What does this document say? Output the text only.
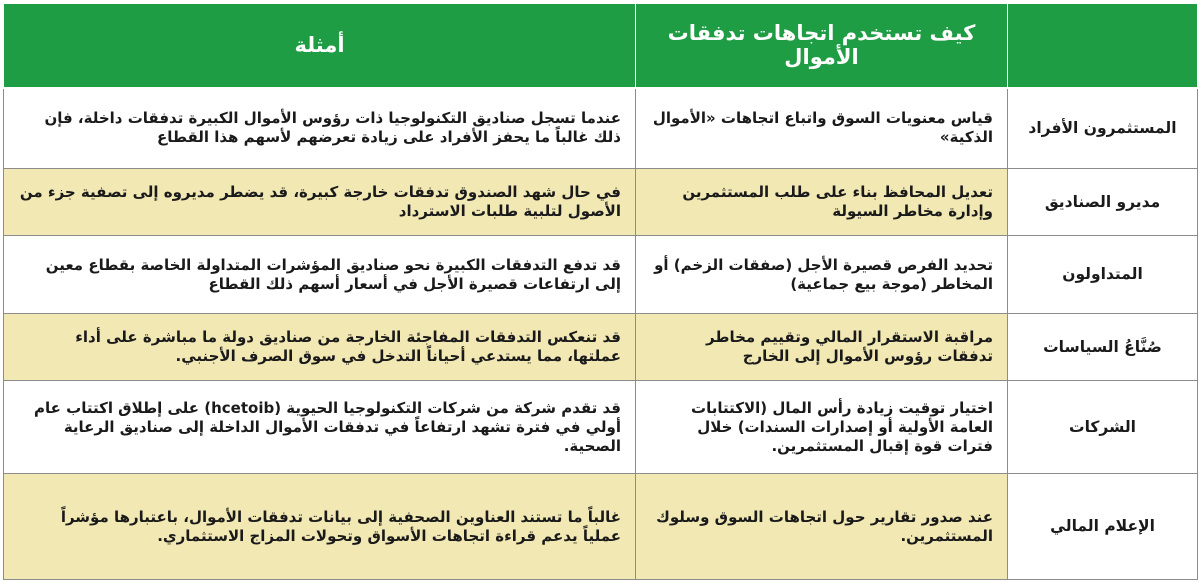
	كيف تستخدم اتجاهات تدفقات الأموال	أمثلة
المستثمرون الأفراد	قياس معنويات السوق واتباع اتجاهات «الأموال الذكية»	عندما تسجل صناديق التكنولوجيا ذات رؤوس الأموال الكبيرة تدفقات داخلة، فإن ذلك غالباً ما يحفز الأفراد على زيادة تعرضهم لأسهم هذا القطاع
مديرو الصناديق	تعديل المحافظ بناء على طلب المستثمرين وإدارة مخاطر السيولة	في حال شهد الصندوق تدفقات خارجة كبيرة، قد يضطر مديروه إلى تصفية جزء من الأصول لتلبية طلبات الاسترداد
المتداولون	تحديد الفرص قصيرة الأجل (صفقات الزخم) أو المخاطر (موجة بيع جماعية)	قد تدفع التدفقات الكبيرة نحو صناديق المؤشرات المتداولة الخاصة بقطاع معين إلى ارتفاعات قصيرة الأجل في أسعار أسهم ذلك القطاع
صُنَّاعُ السياسات	مراقبة الاستقرار المالي وتقييم مخاطر تدفقات رؤوس الأموال إلى الخارج	قد تنعكس التدفقات المفاجئة الخارجة من صناديق دولة ما مباشرة على أداء عملتها، مما يستدعي أحياناً التدخل في سوق الصرف الأجنبي.
الشركات	اختيار توقيت زيادة رأس المال (الاكتتابات العامة الأولية أو إصدارات السندات) خلال فترات قوة إقبال المستثمرين.	قد تقدم شركة من شركات التكنولوجيا الحيوية (hcetoib) على إطلاق اكتتاب عام أولي في فترة تشهد ارتفاعاً في تدفقات الأموال الداخلة إلى صناديق الرعاية الصحية.
الإعلام المالي	عند صدور تقارير حول اتجاهات السوق وسلوك المستثمرين.	غالباً ما تستند العناوين الصحفية إلى بيانات تدفقات الأموال، باعتبارها مؤشراً عملياً يدعم قراءة اتجاهات الأسواق وتحولات المزاج الاستثماري.
